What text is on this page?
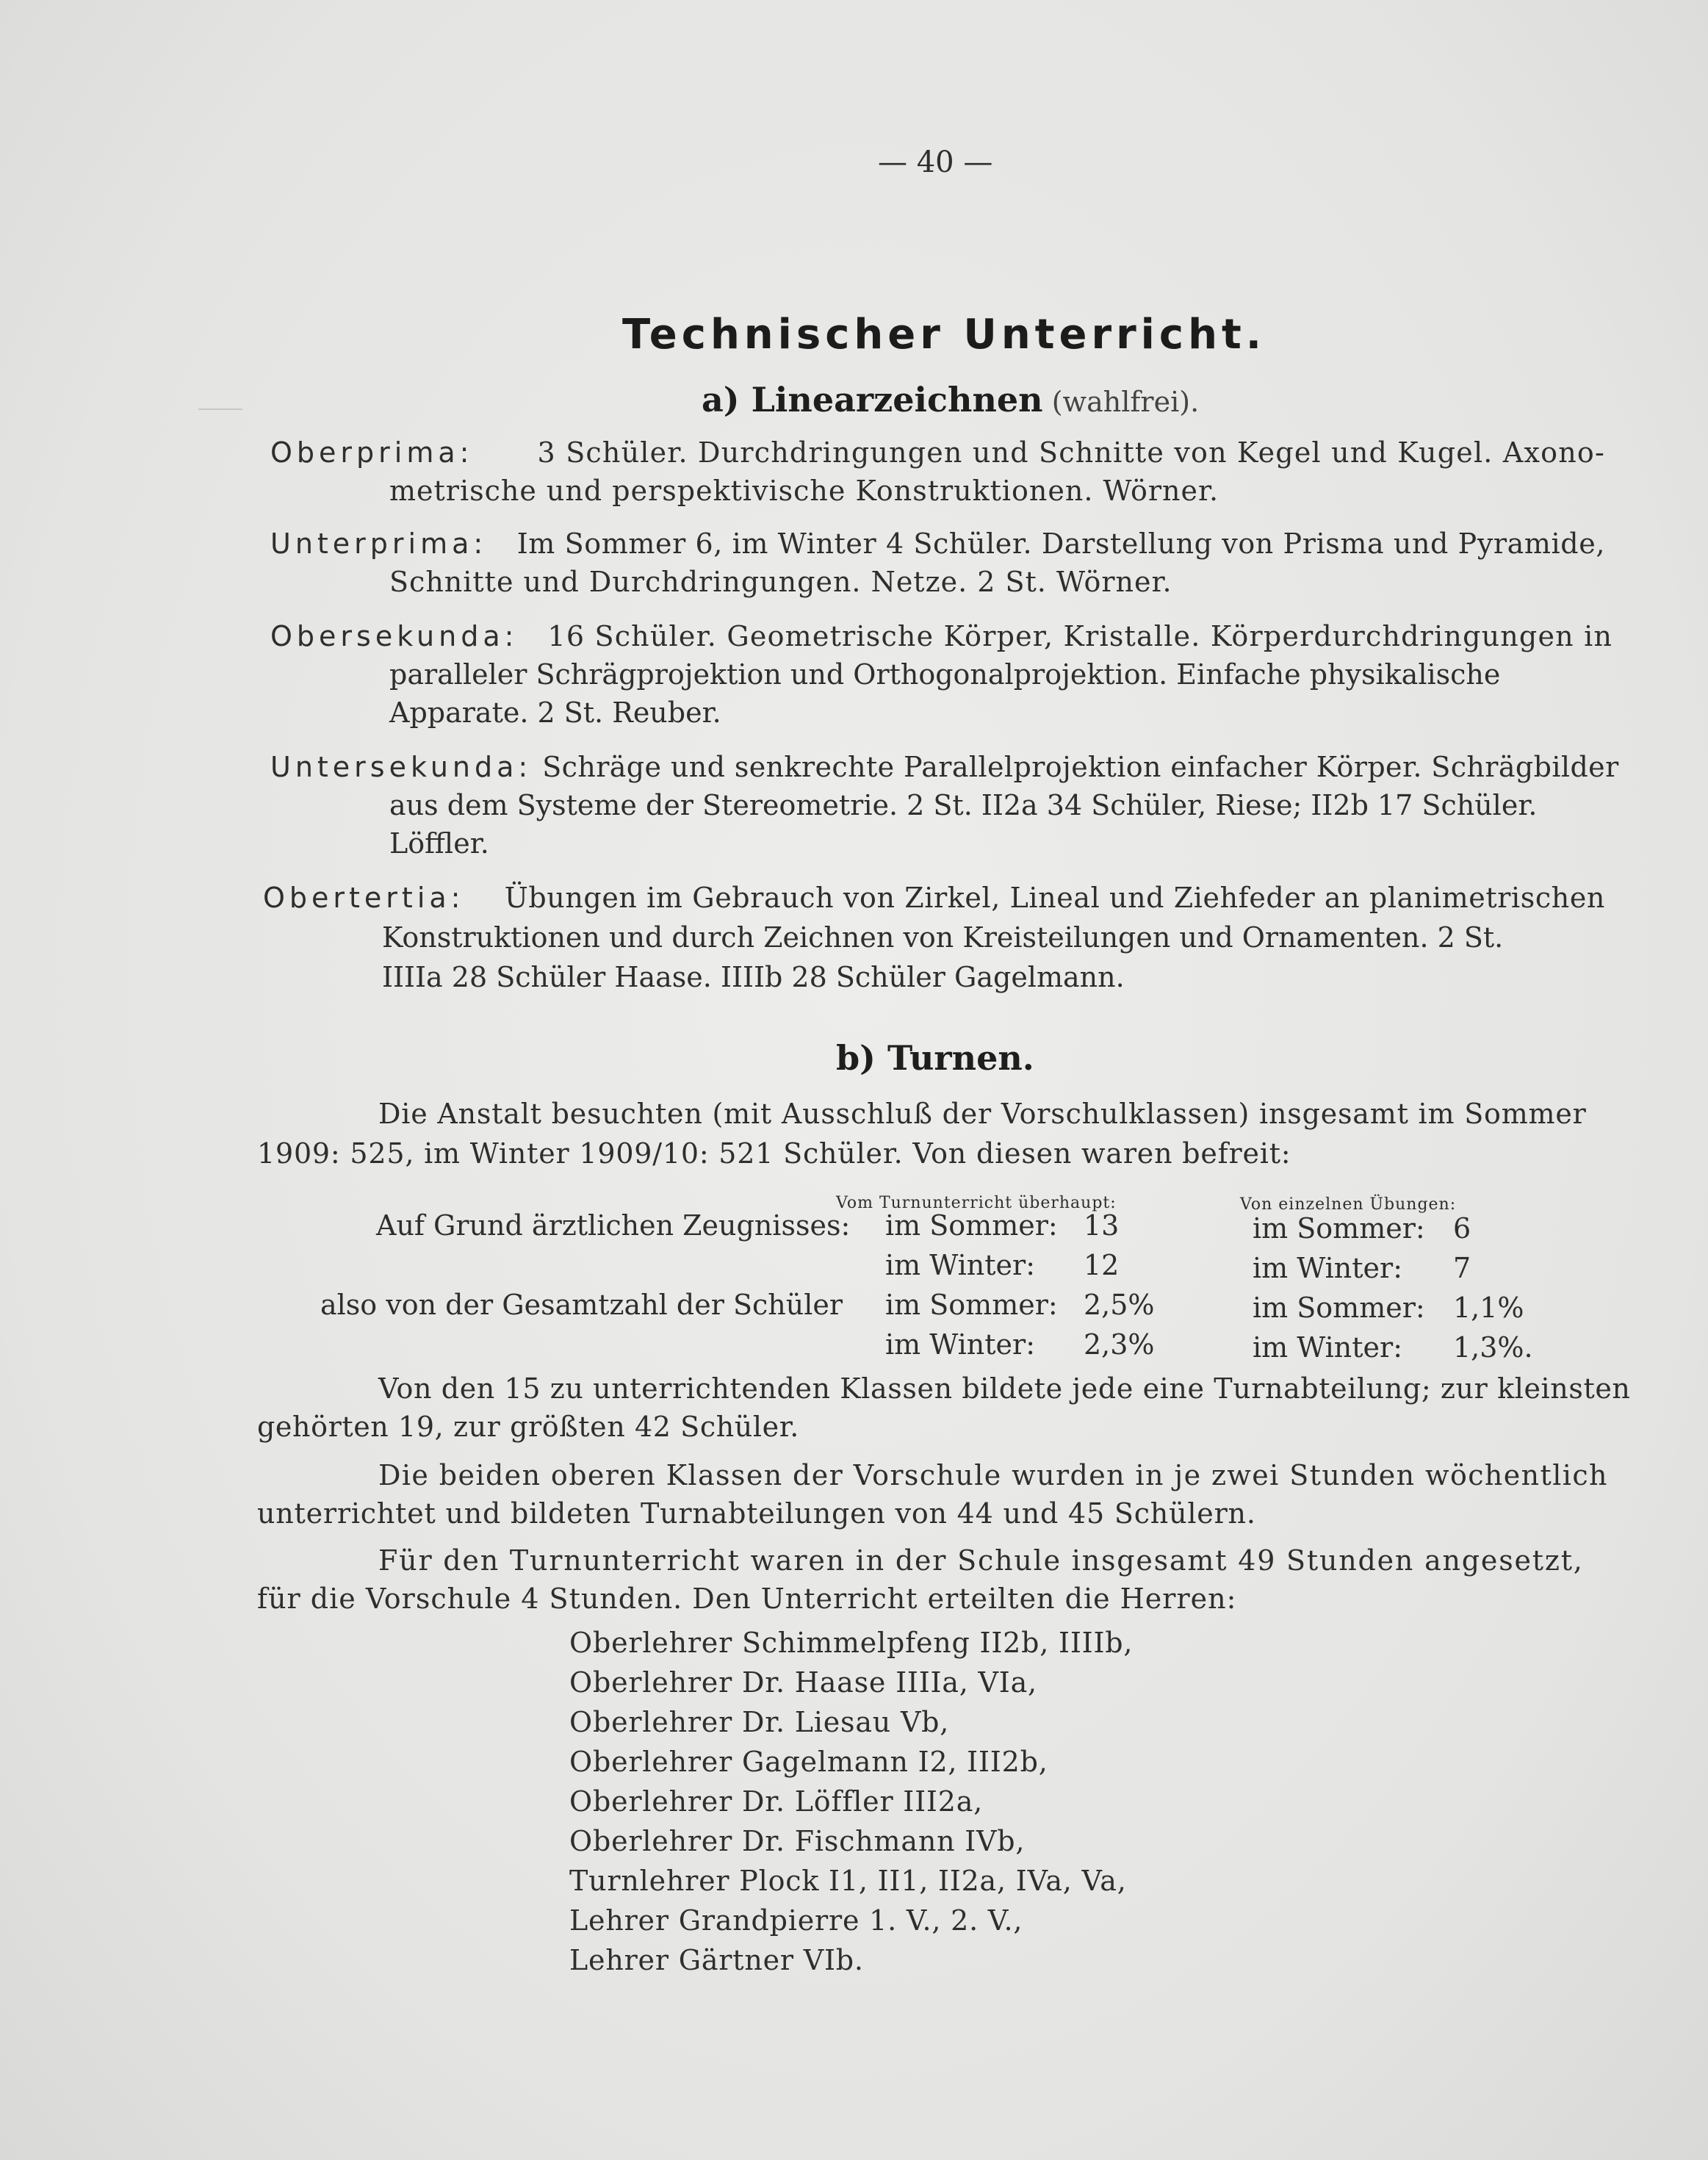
— 40 —
Technischer Unterricht.
a) Linearzeichnen (wahlfrei).
Oberprima: 3 Schüler. Durchdringungen und Schnitte von Kegel und Kugel. Axono-
metrische und perspektivische Konstruktionen. Wörner.
Unterprima: Im Sommer 6, im Winter 4 Schüler. Darstellung von Prisma und Pyramide,
Schnitte und Durchdringungen. Netze. 2 St. Wörner.
Obersekunda: 16 Schüler. Geometrische Körper, Kristalle. Körperdurchdringungen in
paralleler Schrägprojektion und Orthogonalprojektion. Einfache physikalische
Apparate. 2 St. Reuber.
Untersekunda: Schräge und senkrechte Parallelprojektion einfacher Körper. Schrägbilder
aus dem Systeme der Stereometrie. 2 St. II2a 34 Schüler, Riese; II2b 17 Schüler.
Löffler.
Obertertia: Übungen im Gebrauch von Zirkel, Lineal und Ziehfeder an planimetrischen
Konstruktionen und durch Zeichnen von Kreisteilungen und Ornamenten. 2 St.
IIIIa 28 Schüler Haase. IIIIb 28 Schüler Gagelmann.
b) Turnen.
Die Anstalt besuchten (mit Ausschluß der Vorschulklassen) insgesamt im Sommer
1909: 525, im Winter 1909/10: 521 Schüler. Von diesen waren befreit:
Vom Turnunterricht überhaupt:	Von einzelnen Übungen:
Auf Grund ärztlichen Zeugnisses: im Sommer: 13	im Sommer: 6
im Winter: 12	im Winter: 7
also von der Gesamtzahl der Schüler im Sommer: 2,5%	im Sommer: 1,1%
im Winter: 2,3%	im Winter: 1,3%.
Von den 15 zu unterrichtenden Klassen bildete jede eine Turnabteilung; zur kleinsten
gehörten 19, zur größten 42 Schüler.
Die beiden oberen Klassen der Vorschule wurden in je zwei Stunden wöchentlich
unterrichtet und bildeten Turnabteilungen von 44 und 45 Schülern.
Für den Turnunterricht waren in der Schule insgesamt 49 Stunden angesetzt,
für die Vorschule 4 Stunden. Den Unterricht erteilten die Herren:
Oberlehrer Schimmelpfeng II2b, IIIIb,
Oberlehrer Dr. Haase IIIIa, VIa,
Oberlehrer Dr. Liesau Vb,
Oberlehrer Gagelmann I2, III2b,
Oberlehrer Dr. Löffler III2a,
Oberlehrer Dr. Fischmann IVb,
Turnlehrer Plock I1, II1, II2a, IVa, Va,
Lehrer Grandpierre 1. V., 2. V.,
Lehrer Gärtner VIb.
